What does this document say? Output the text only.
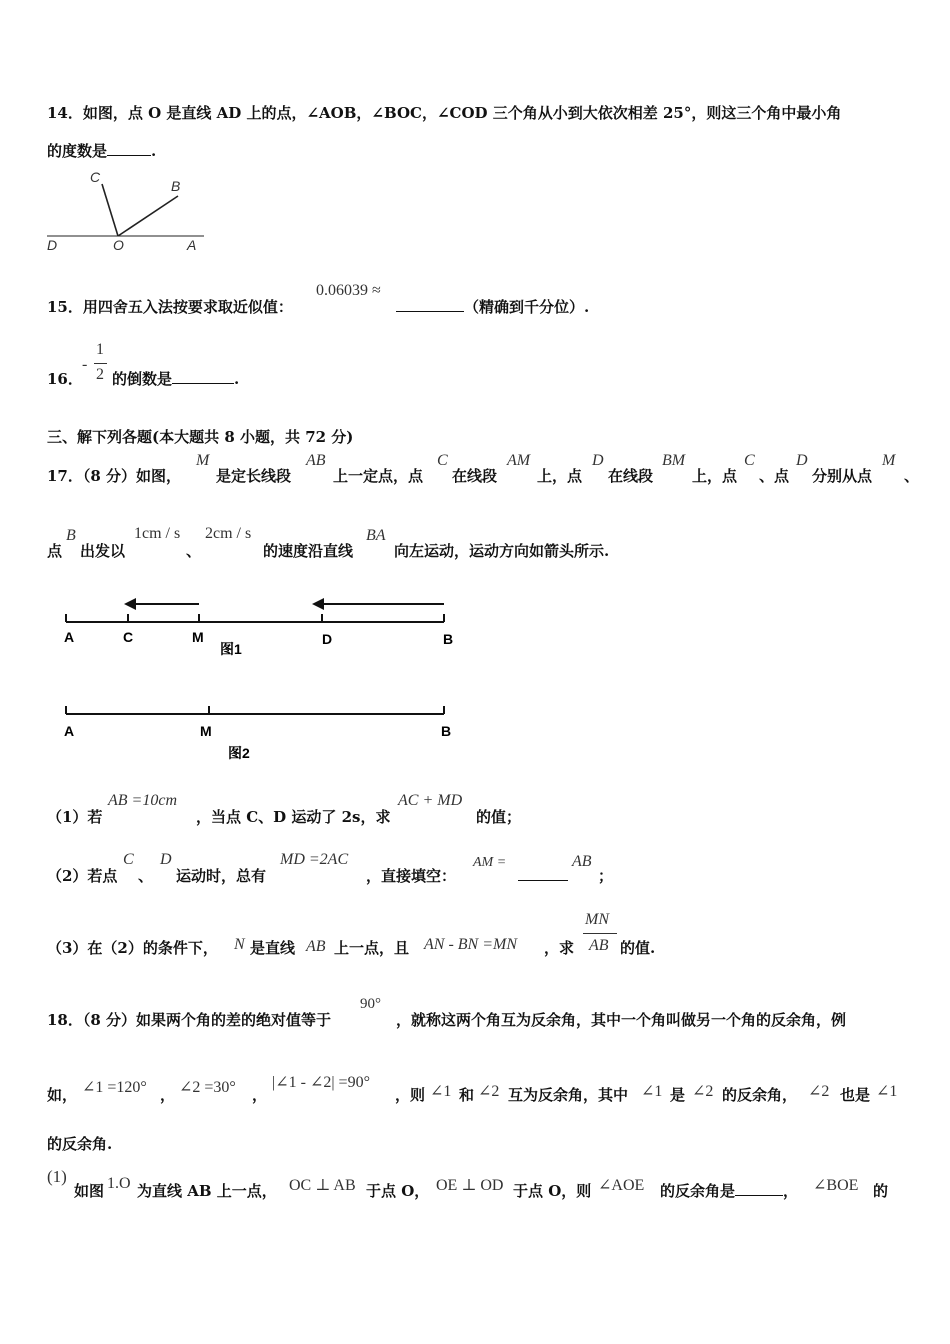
14．如图，点 O 是直线 AD 上的点，∠AOB，∠BOC，∠COD 三个角从小到大依次相差 25°，则这三个角中最小角
的度数是	.
C
B
D	O	A
15．用四舍五入法按要求取近似值：
0.06039 ≈
（精确到千分位）.
16．
-
1
2 的倒数是	.
三、解下列各题(本大题共 8 小题，共 72 分)
17．（8 分）如图，
M
是定长线段
AB
上一定点，点
C
在线段
AM
上，点
D
在线段
BM
上，点
C
、点
D
分别从点
M
、
点
B
出发以
1cm / s
、
2cm / s
的速度沿直线
BA
向左运动，运动方向如箭头所示.
A	C	M	D	B
图1
A	M	B
图2
（1）若
AB =10cm
，当点 C、D 运动了 2s，求
AC + MD
的值；
（2）若点
C
、
D
运动时，总有
MD =2AC
，直接填空：
AM =	AB
；
（3）在（2）的条件下， N 是直线 AB 上一点，且 AN - BN =MN ，求
MN
AB 的值.
18．（8 分）如果两个角的差的绝对值等于
90°
，就称这两个角互为反余角，其中一个角叫做另一个角的反余角，例
如， ∠1 =120° ， ∠2 =30° ，
|∠1 - ∠2| =90°
，则 ∠1 和 ∠2 互为反余角，其中 ∠1 是 ∠2 的反余角， ∠2 也是 ∠1
的反余角.
(1)
如图 1.O 为直线 AB 上一点， OC ⊥ AB 于点 O， OE ⊥ OD 于点 O，则 ∠AOE 的反余角是	， ∠BOE 的
